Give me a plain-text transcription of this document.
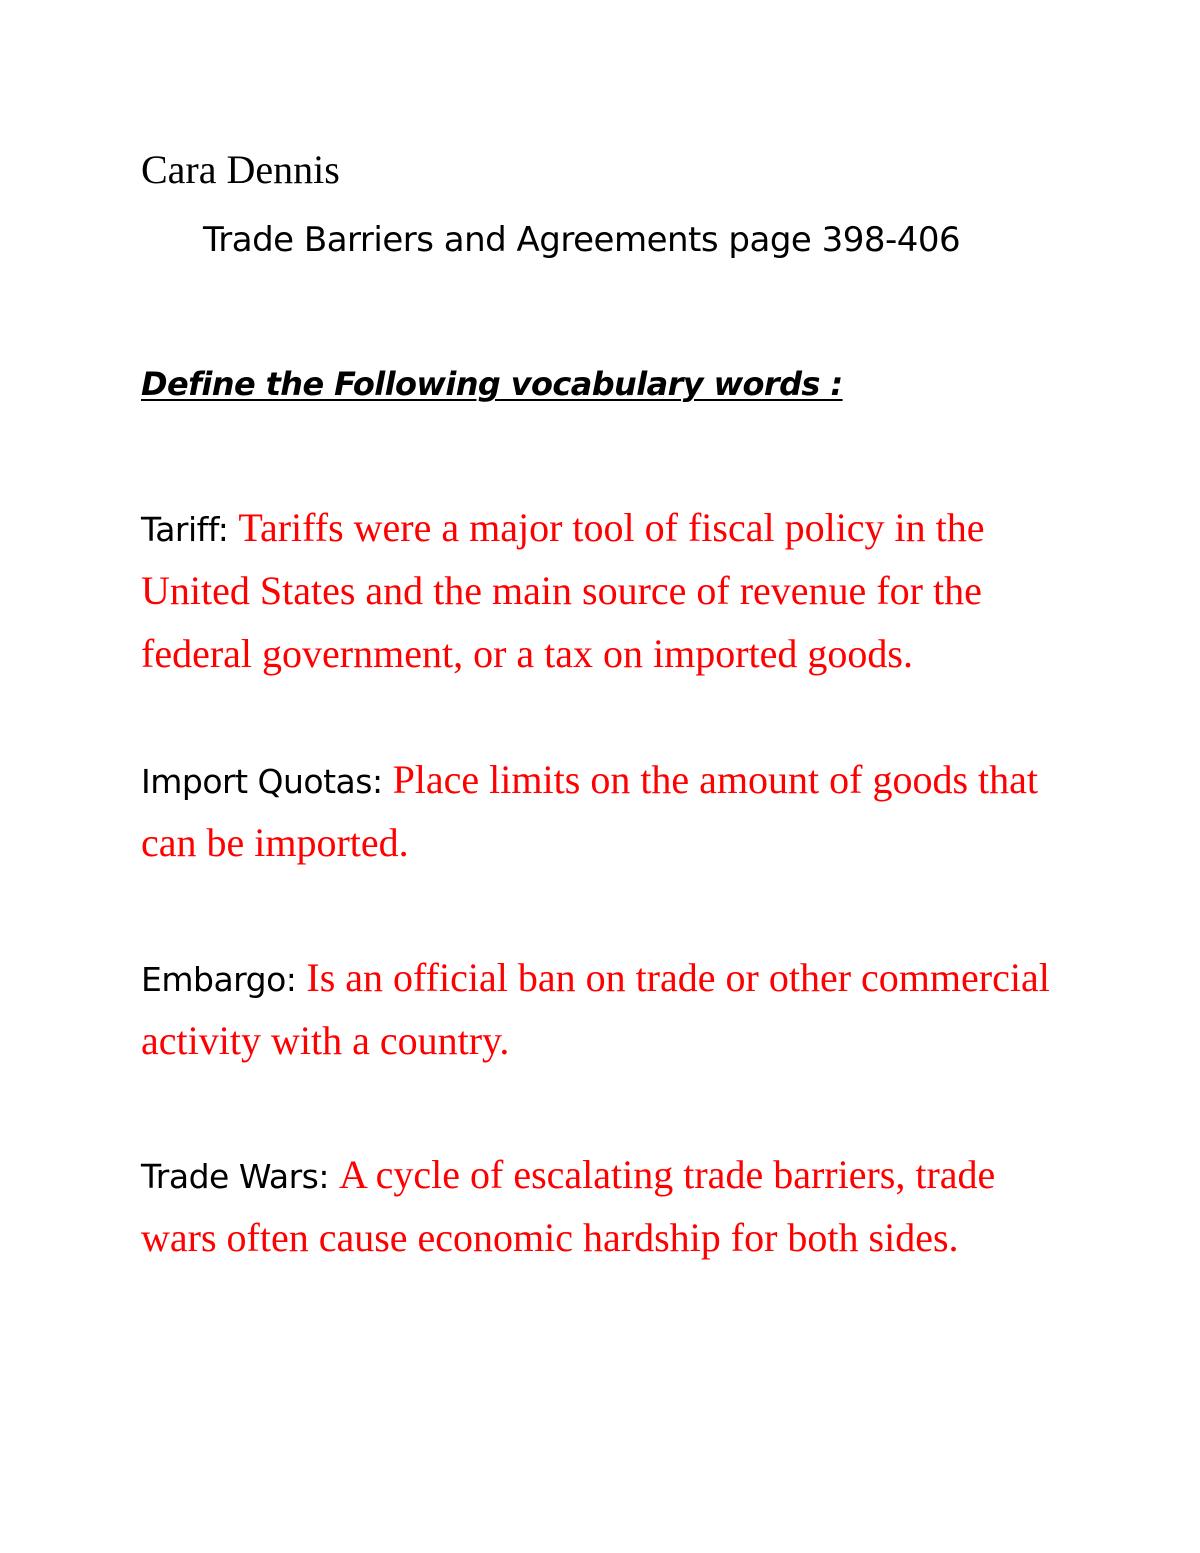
Cara Dennis
Trade Barriers and Agreements page 398-406
Define the Following vocabulary words :
Tariff: Tariffs were a major tool of fiscal policy in the United States and the main source of revenue for the federal government, or a tax on imported goods.
Import Quotas: Place limits on the amount of goods that can be imported.
Embargo: Is an official ban on trade or other commercial activity with a country.
Trade Wars: A cycle of escalating trade barriers, trade wars often cause economic hardship for both sides.
